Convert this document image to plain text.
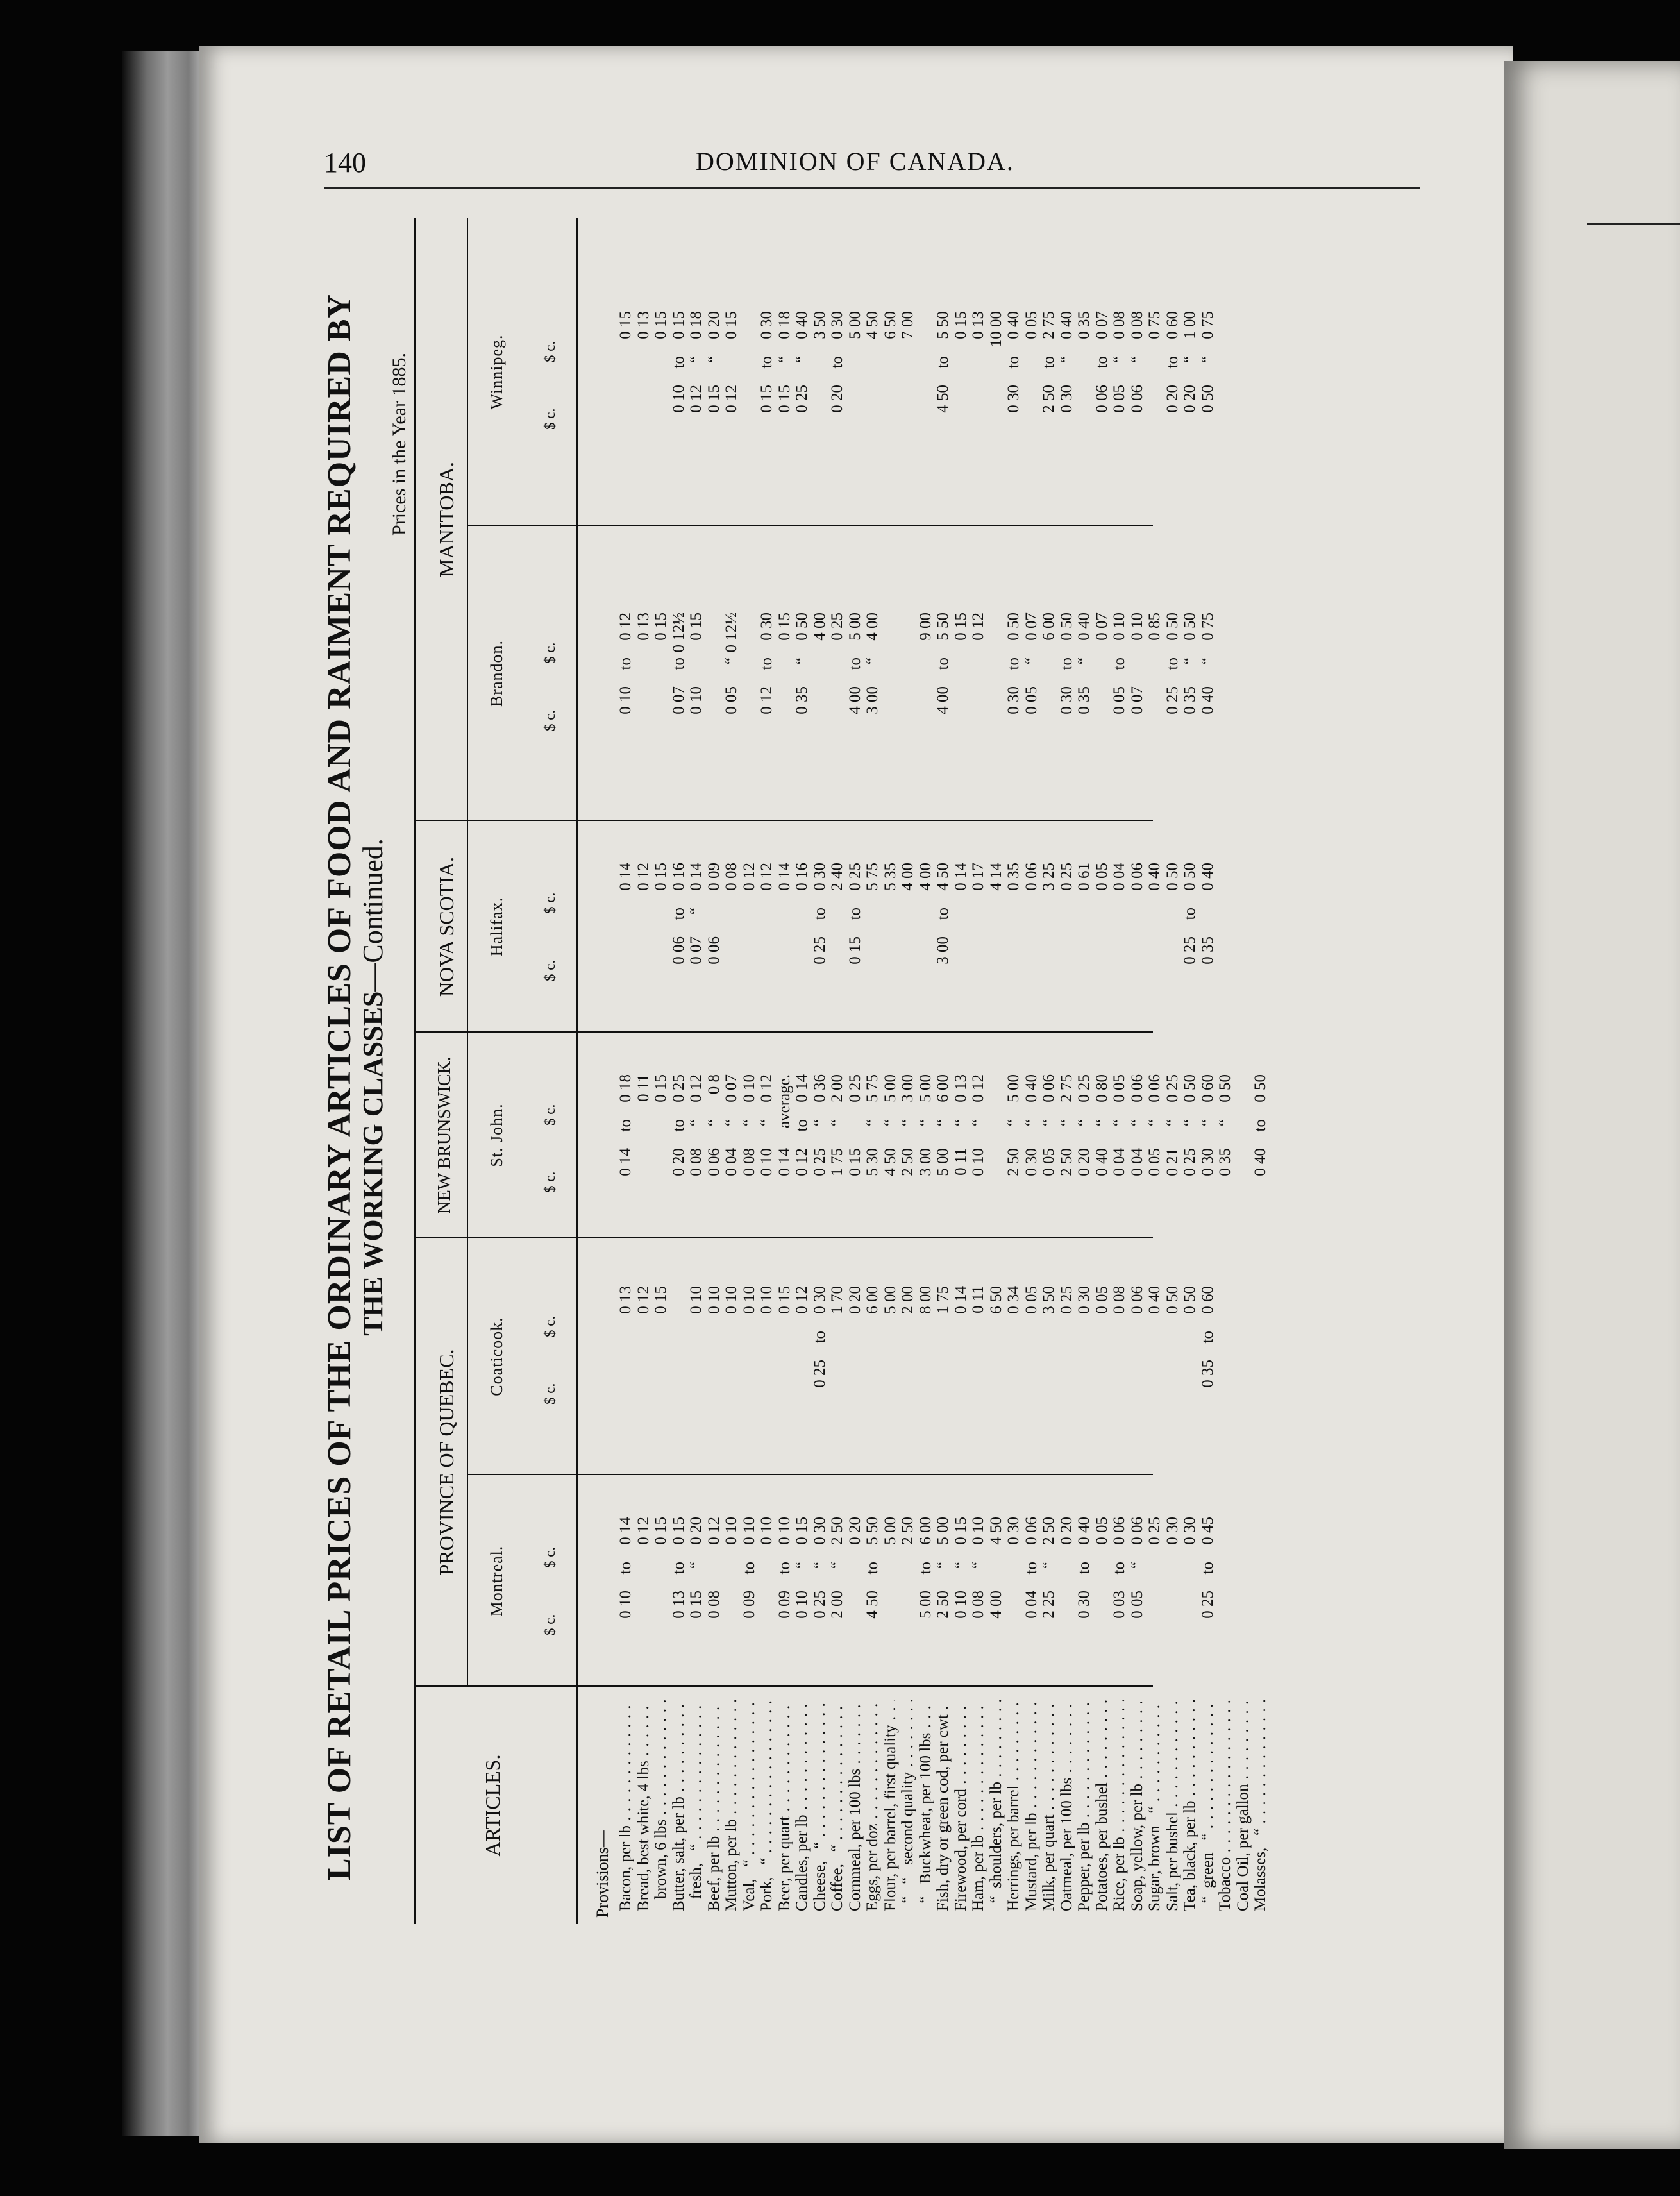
140	DOMINION OF CANADA.
LIST OF RETAIL PRICES OF THE ORDINARY ARTICLES OF FOOD AND RAIMENT REQUIRED BY THE WORKING CLASSES—Continued.
Prices in the Year 1885.
ARTICLES.
PROVINCE OF QUEBEC.
NEW BRUNSWICK.
NOVA SCOTIA.
MANITOBA.
Montreal.
Coaticook.
St. John.
Halifax.
Brandon.
Winnipeg.
Provisions—
$ c.
$ c.
$ c.
$ c.
$ c.
$ c.
$ c.
$ c.
$ c.
$ c.
$ c.
$ c.
Bacon, per lb . . .
0 10
to
0 14
0 13
0 14
to
0 18
0 14
0 10
to
0 12
0 15
Bread, best white, 4 lbs . . .
0 12
0 12
0 11
0 12
0 13
0 13
brown, 6 lbs . . .
0 15
0 15
0 15
0 15
0 15
0 15
Butter, salt, per lb . . .
0 13
to
0 15
0 20
to
0 25
0 06
to
0 16
0 07
to
0 12½
0 10
to
0 15
fresh,   “ . . .
0 15
“
0 20
0 10
0 08
“
0 12
0 07
“
0 14
0 10
0 15
0 12
“
0 18
Beef, per lb . . .
0 08
0 12
0 10
0 06
“
0 8
0 06
0 09
0 15
“
0 20
Mutton, per lb . . .
0 10
0 10
0 04
“
0 07
0 08
0 05
“
0 12½
0 12
0 15
Veal,   “ . . .
0 09
to
0 10
0 10
0 08
“
0 10
0 12
Pork,   “ . . .
0 10
0 10
0 10
“
0 12
0 12
0 12
to
0 30
0 15
to
0 30
Beer, per quart . . .
0 09
to
0 10
0 15
0 14
average.
0 14
0 15
0 15
“
0 18
Candles, per lb . . .
0 10
“
0 15
0 12
0 12
to
0 14
0 16
0 35
“
0 50
0 25
“
0 40
Cheese,   “ . . .
0 25
“
0 30
0 25
to
0 30
0 25
“
0 36
0 25
to
0 30
4 00
3 50
Coffee,   “ . . .
2 00
“
2 50
1 70
1 75
“
2 00
2 40
0 25
0 20
to
0 30
Cornmeal, per 100 lbs . . .
0 20
0 20
0 15
0 25
0 15
to
0 25
4 00
to
5 00
5 00
Eggs, per doz . . .
4 50
to
5 50
6 00
5 30
“
5 75
5 75
3 00
“
4 00
4 50
Flour, per barrel, first quality . . .
5 00
5 00
4 50
“
5 00
5 35
6 50
“   “   second quality . . .
2 50
2 00
2 50
“
3 00
4 00
7 00
“   Buckwheat, per 100 lbs . . .
5 00
to
6 00
8 00
3 00
“
5 00
4 00
9 00
Fish, dry or green cod, per cwt . . .
2 50
“
5 00
1 75
5 00
“
6 00
3 00
to
4 50
4 00
to
5 50
4 50
to
5 50
Firewood, per cord . . .
0 10
“
0 15
0 14
0 11
“
0 13
0 14
0 15
0 15
Ham, per lb . . .
0 08
“
0 10
0 11
0 10
“
0 12
0 17
0 12
0 13
“  shoulders, per lb . . .
4 00
4 50
6 50
4 14
10 00
Herrings, per barrel . . .
0 30
0 34
2 50
“
5 00
0 35
0 30
to
0 50
0 30
to
0 40
Mustard, per lb . . .
0 04
to
0 06
0 05
0 30
“
0 40
0 06
0 05
“
0 07
0 05
Milk, per quart . . .
2 25
“
2 50
3 50
0 05
“
0 06
3 25
6 00
2 50
to
2 75
Oatmeal, per 100 lbs . . .
0 20
0 25
2 50
“
2 75
0 25
0 30
to
0 50
0 30
“
0 40
Pepper, per lb . . .
0 30
to
0 40
0 30
0 20
“
0 25
0 61
0 35
“
0 40
0 35
Potatoes, per bushel . . .
0 05
0 05
0 40
“
0 80
0 05
0 07
0 06
to
0 07
Rice, per lb . . .
0 03
to
0 06
0 08
0 04
“
0 05
0 04
0 05
to
0 10
0 05
“
0 08
Soap, yellow, per lb . . .
0 05
“
0 06
0 06
0 04
“
0 06
0 06
0 07
0 10
0 06
“
0 08
Sugar, brown   “ . . .
0 25
0 40
0 05
“
0 06
0 40
0 85
0 75
Salt, per bushel . . .
0 30
0 50
0 21
“
0 25
0 50
0 25
to
0 50
0 20
to
0 60
Tea, black, per lb . . .
0 30
0 50
0 25
“
0 50
0 25
to
0 50
0 35
“
0 50
0 20
“
1 00
“  green   “ . . .
0 25
to
0 45
0 35
to
0 60
0 30
“
0 60
0 35
0 40
0 40
“
0 75
0 50
“
0 75
Tobacco . . .
0 35
“
0 50
Coal Oil, per gallon . . . Molasses,   “ . . .
0 40
to
0 50
